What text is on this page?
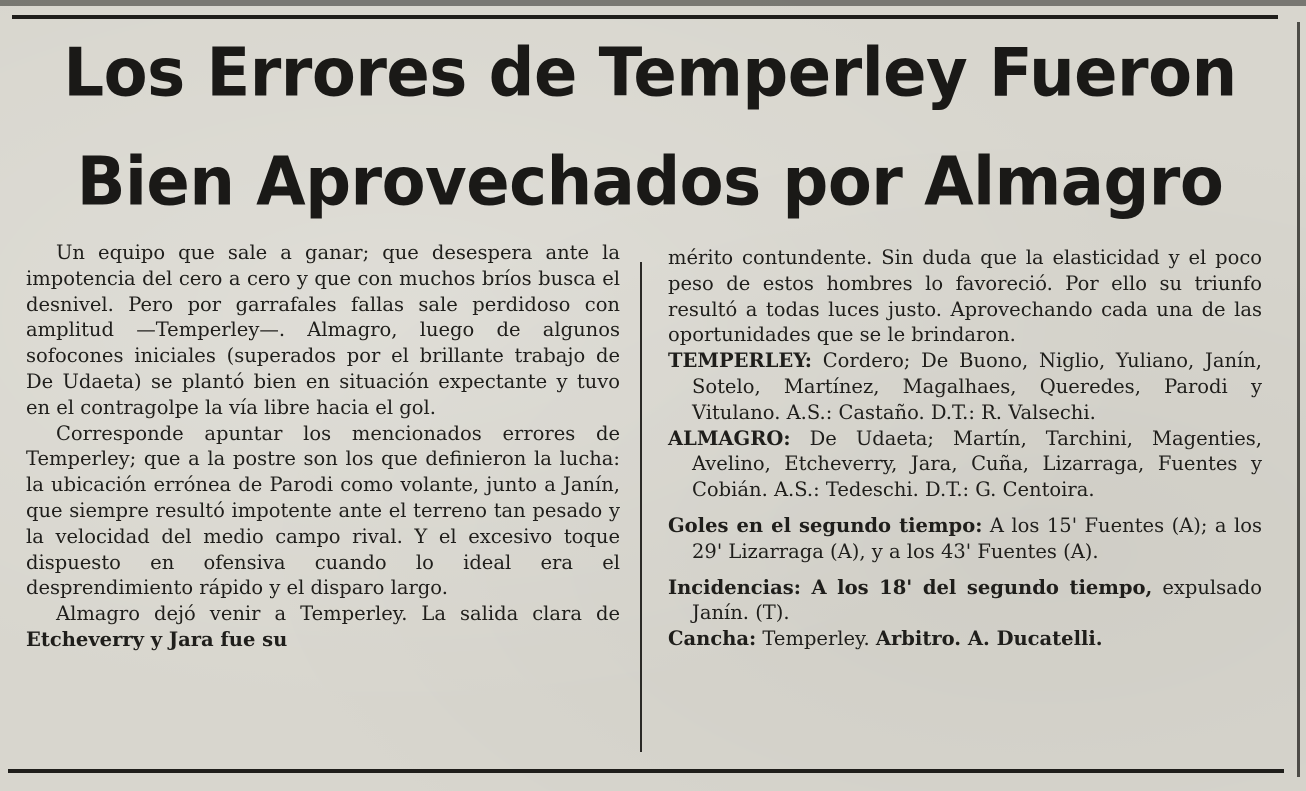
Los Errores de Temperley Fueron
Bien Aprovechados por Almagro

Un equipo que sale a ganar; que desespera ante la impotencia del cero a cero y que con muchos bríos busca el desnivel. Pero por garrafales fallas sale perdidoso con amplitud —Temperley—. Almagro, luego de algunos sofocones iniciales (superados por el brillante trabajo de De Udaeta) se plantó bien en situación expectante y tuvo en el contragolpe la vía libre hacia el gol.

Corresponde apuntar los mencionados errores de Temperley; que a la postre son los que definieron la lucha: la ubicación errónea de Parodi como volante, junto a Janín, que siempre resultó impotente ante el terreno tan pesado y la velocidad del medio campo rival. Y el excesivo toque dispuesto en ofensiva cuando lo ideal era el desprendimiento rápido y el disparo largo.

Almagro dejó venir a Temperley. La salida clara de Etcheverry y Jara fue su

mérito contundente. Sin duda que la elasticidad y el poco peso de estos hombres lo favoreció. Por ello su triunfo resultó a todas luces justo. Aprovechando cada una de las oportunidades que se le brindaron.

TEMPERLEY: Cordero; De Buono, Niglio, Yuliano, Janín, Sotelo, Martínez, Magalhaes, Queredes, Parodi y Vitulano. A.S.: Castaño. D.T.: R. Valsechi.

ALMAGRO: De Udaeta; Martín, Tarchini, Magenties, Avelino, Etcheverry, Jara, Cuña, Lizarraga, Fuentes y Cobián. A.S.: Tedeschi. D.T.: G. Centoira.

Goles en el segundo tiempo: A los 15' Fuentes (A); a los 29' Lizarraga (A), y a los 43' Fuentes (A).

Incidencias: A los 18' del segundo tiempo, expulsado Janín. (T).

Cancha: Temperley. Arbitro. A. Ducatelli.
